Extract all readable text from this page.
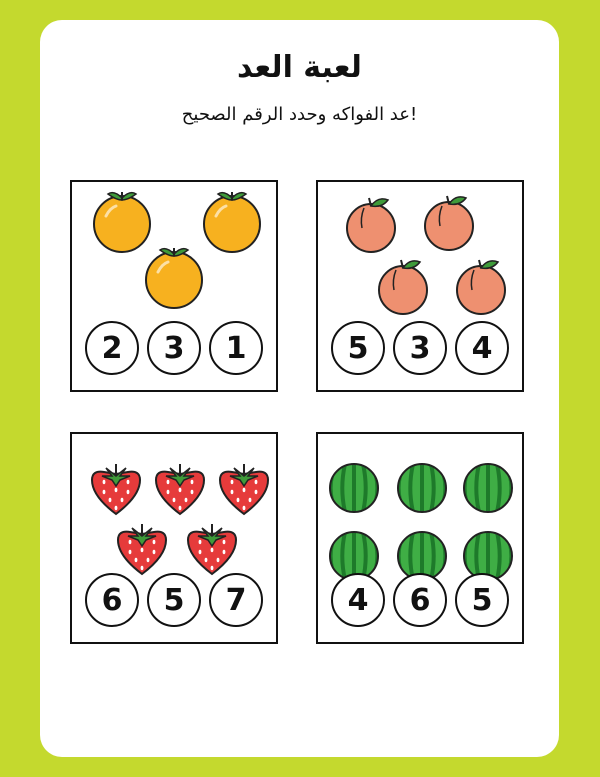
لعبة العد
!عد الفواكه وحدد الرقم الصحيح
2	3	1	5	3	4
6	5	7	4	6	5
